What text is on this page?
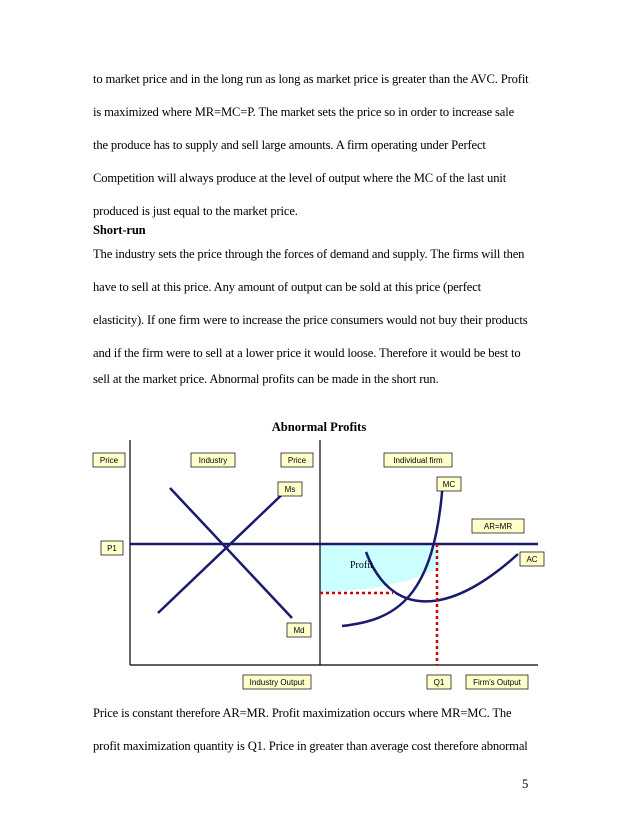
to market price and in the long run as long as market price is greater than the AVC. Profit
is maximized where MR=MC=P. The market sets the price so in order to increase sale
the produce has to supply and sell large amounts. A firm operating under Perfect
Competition will always produce at the level of output where the MC of the last unit
produced is just equal to the market price.
Short-run
The industry sets the price through the forces of demand and supply. The firms will then
have to sell at this price. Any amount of output can be sold at this price (perfect
elasticity). If one firm were to increase the price consumers would not buy their products
and if the firm were to sell at a lower price it would loose. Therefore it would be best to
sell at the market price. Abnormal profits can be made in the short run.
Abnormal Profits
Price	Industry	Price	Individual firm
Ms
MC
AR=MR
P1
AC
Profit
Md
Industry Output	Q1	Firm's Output
Price is constant therefore AR=MR. Profit maximization occurs where MR=MC. The
profit maximization quantity is Q1. Price in greater than average cost therefore abnormal
5
